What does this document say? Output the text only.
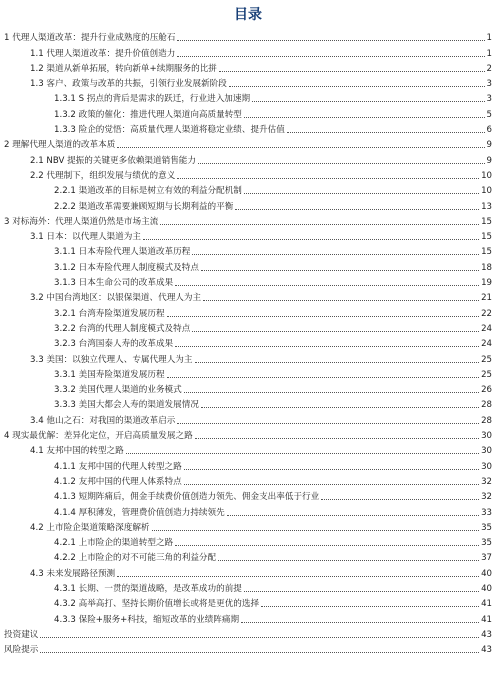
目录
1 代理人渠道改革：提升行业成熟度的压舱石	1
1.1 代理人渠道改革：提升价值创造力	1
1.2 渠道从新单拓展，转向新单+续期服务的比拼	2
1.3 客户、政策与改革的共振，引领行业发展新阶段	3
1.3.1 S 拐点的背后是需求的跃迁，行业进入加速期	3
1.3.2 政策的催化：推进代理人渠道向高质量转型	5
1.3.3 险企的觉悟：高质量代理人渠道将稳定业绩、提升估值	6
2 理解代理人渠道的改革本质	9
2.1 NBV 提振的关键更多依赖渠道销售能力	9
2.2 代理制下，组织发展与绩优的意义	10
2.2.1 渠道改革的目标是树立有效的利益分配机制	10
2.2.2 渠道改革需要兼顾短期与长期利益的平衡	13
3 对标海外：代理人渠道仍然是市场主流	15
3.1 日本：以代理人渠道为主	15
3.1.1 日本寿险代理人渠道改革历程	15
3.1.2 日本寿险代理人制度模式及特点	18
3.1.3 日本生命公司的改革成果	19
3.2 中国台湾地区：以银保渠道、代理人为主	21
3.2.1 台湾寿险渠道发展历程	22
3.2.2 台湾的代理人制度模式及特点	24
3.2.3 台湾国泰人寿的改革成果	24
3.3 美国：以独立代理人、专属代理人为主	25
3.3.1 美国寿险渠道发展历程	25
3.3.2 美国代理人渠道的业务模式	26
3.3.3 美国大都会人寿的渠道发展情况	28
3.4 他山之石：对我国的渠道改革启示	28
4 现实最优解：差异化定位，开启高质量发展之路	30
4.1 友邦中国的转型之路	30
4.1.1 友邦中国的代理人转型之路	30
4.1.2 友邦中国的代理人体系特点	32
4.1.3 短期阵痛后，佣金手续费价值创造力领先、佣金支出率低于行业	32
4.1.4 厚积薄发，管理费价值创造力持续领先	33
4.2 上市险企渠道策略深度解析	35
4.2.1 上市险企的渠道转型之路	35
4.2.2 上市险企的对不可能三角的利益分配	37
4.3 未来发展路径预测	40
4.3.1 长期、一贯的渠道战略，是改革成功的前提	40
4.3.2 高举高打、坚持长期价值增长或将是更优的选择	41
4.3.3 保险+服务+科技，缩短改革的业绩阵痛期	41
投资建议	43
风险提示	43
